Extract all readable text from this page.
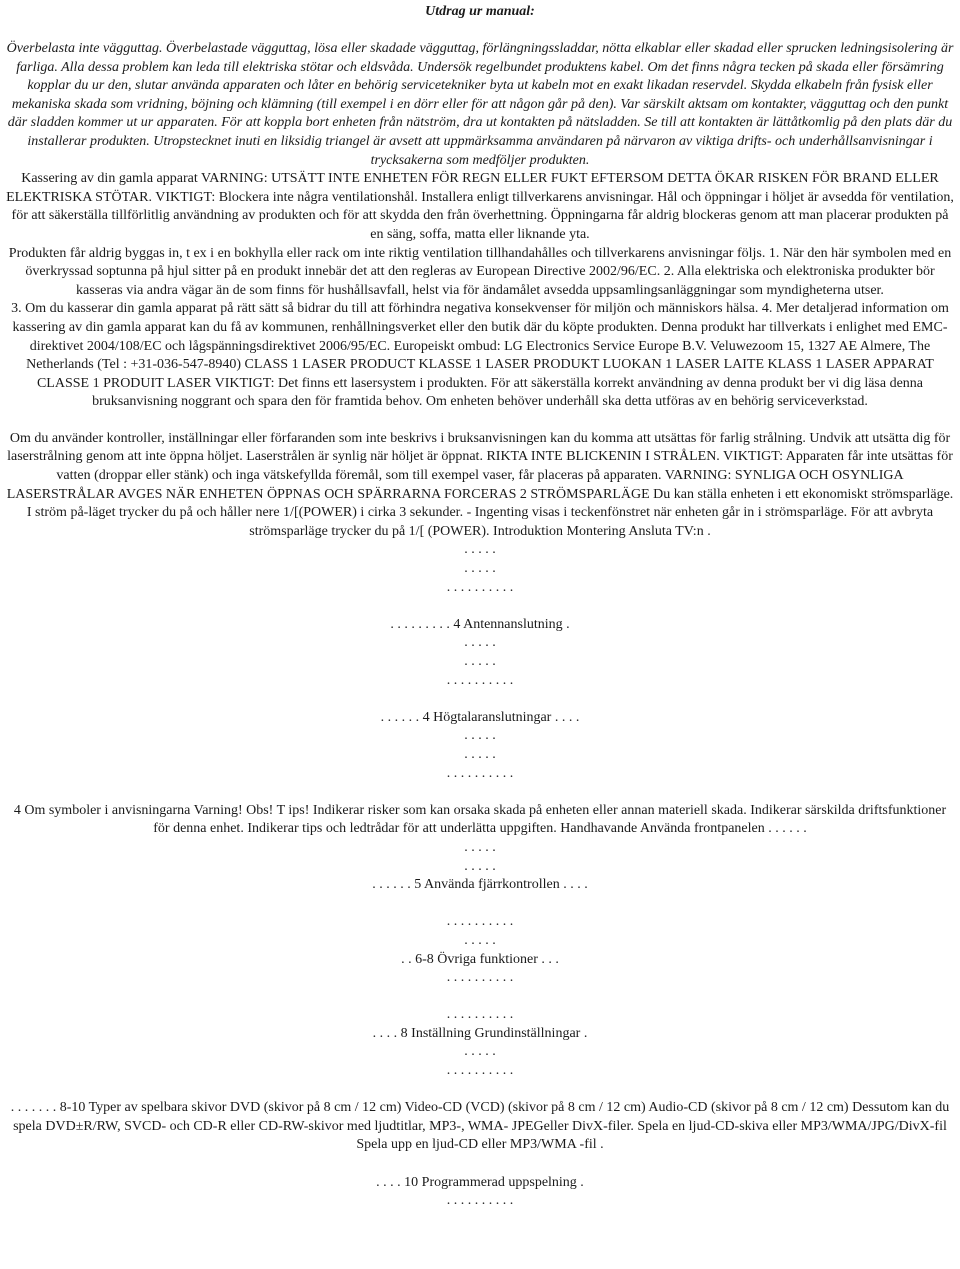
Utdrag ur manual:

Överbelasta inte vägguttag. Överbelastade vägguttag, lösa eller skadade vägguttag, förlängningssladdar, nötta elkablar eller skadad eller sprucken ledningsisolering är farliga. Alla dessa problem kan leda till elektriska stötar och eldsvåda. Undersök regelbundet produktens kabel. Om det finns några tecken på skada eller försämring kopplar du ur den, slutar använda apparaten och låter en behörig servicetekniker byta ut kabeln mot en exakt likadan reservdel. Skydda elkabeln från fysisk eller mekaniska skada som vridning, böjning och klämning (till exempel i en dörr eller för att någon går på den). Var särskilt aktsam om kontakter, vägguttag och den punkt där sladden kommer ut ur apparaten. För att koppla bort enheten från nätström, dra ut kontakten på nätsladden. Se till att kontakten är lättåtkomlig på den plats där du installerar produkten. Utropstecknet inuti en liksidig triangel är avsett att uppmärksamma användaren på närvaron av viktiga drifts- och underhållsanvisningar i trycksakerna som medföljer produkten.

Kassering av din gamla apparat VARNING: UTSÄTT INTE ENHETEN FÖR REGN ELLER FUKT EFTERSOM DETTA ÖKAR RISKEN FÖR BRAND ELLER ELEKTRISKA STÖTAR. VIKTIGT: Blockera inte några ventilationshål. Installera enligt tillverkarens anvisningar. Hål och öppningar i höljet är avsedda för ventilation, för att säkerställa tillförlitlig användning av produkten och för att skydda den från överhettning. Öppningarna får aldrig blockeras genom att man placerar produkten på en säng, soffa, matta eller liknande yta.

Produkten får aldrig byggas in, t ex i en bokhylla eller rack om inte riktig ventilation tillhandahålles och tillverkarens anvisningar följs. 1. När den här symbolen med en överkryssad soptunna på hjul sitter på en produkt innebär det att den regleras av European Directive 2002/96/EC. 2. Alla elektriska och elektroniska produkter bör kasseras via andra vägar än de som finns för hushållsavfall, helst via för ändamålet avsedda uppsamlingsanläggningar som myndigheterna utser.

3. Om du kasserar din gamla apparat på rätt sätt så bidrar du till att förhindra negativa konsekvenser för miljön och människors hälsa. 4. Mer detaljerad information om kassering av din gamla apparat kan du få av kommunen, renhållningsverket eller den butik där du köpte produkten. Denna produkt har tillverkats i enlighet med EMC-direktivet 2004/108/EC och lågspänningsdirektivet 2006/95/EC. Europeiskt ombud: LG Electronics Service Europe B.V. Veluwezoom 15, 1327 AE Almere, The Netherlands (Tel : +31-036-547-8940) CLASS 1 LASER PRODUCT KLASSE 1 LASER PRODUKT LUOKAN 1 LASER LAITE KLASS 1 LASER APPARAT CLASSE 1 PRODUIT LASER VIKTIGT: Det finns ett lasersystem i produkten. För att säkerställa korrekt användning av denna produkt ber vi dig läsa denna bruksanvisning noggrant och spara den för framtida behov. Om enheten behöver underhåll ska detta utföras av en behörig serviceverkstad.

Om du använder kontroller, inställningar eller förfaranden som inte beskrivs i bruksanvisningen kan du komma att utsättas för farlig strålning. Undvik att utsätta dig för laserstrålning genom att inte öppna höljet. Laserstrålen är synlig när höljet är öppnat. RIKTA INTE BLICKENIN I STRÅLEN. VIKTIGT: Apparaten får inte utsättas för vatten (droppar eller stänk) och inga vätskefyllda föremål, som till exempel vaser, får placeras på apparaten. VARNING: SYNLIGA OCH OSYNLIGA LASERSTRÅLAR AVGES NÄR ENHETEN ÖPPNAS OCH SPÄRRARNA FORCERAS 2 STRÖMSPARLÄGE Du kan ställa enheten i ett ekonomiskt strömsparläge. I ström på-läget trycker du på och håller nere 1/[(POWER) i cirka 3 sekunder. - Ingenting visas i teckenfönstret när enheten går in i strömsparläge. För att avbryta strömsparläge trycker du på 1/[ (POWER). Introduktion Montering Ansluta TV:n .

. . . . .
. . . . .
. . . . . . . . . .
. . . . . . . . . 4 Antennanslutning .
. . . . .
. . . . .
. . . . . . . . . .
. . . . . . 4 Högtalaranslutningar . . . .
. . . . .
. . . . .
. . . . . . . . . .

4 Om symboler i anvisningarna Varning! Obs! T ips! Indikerar risker som kan orsaka skada på enheten eller annan materiell skada. Indikerar särskilda driftsfunktioner för denna enhet. Indikerar tips och ledtrådar för att underlätta uppgiften. Handhavande Använda frontpanelen . . . . . .

. . . . .
. . . . .
. . . . . . 5 Använda fjärrkontrollen . . . .
. . . . . . . . . .
. . . . .
. . 6-8 Övriga funktioner . . .
. . . . . . . . . .
. . . . . . . . . .
. . . . 8 Inställning Grundinställningar .
. . . . .
. . . . . . . . . .

. . . . . . . 8-10 Typer av spelbara skivor DVD (skivor på 8 cm / 12 cm) Video-CD (VCD) (skivor på 8 cm / 12 cm) Audio-CD (skivor på 8 cm / 12 cm) Dessutom kan du spela DVD±R/RW, SVCD- och CD-R eller CD-RW-skivor med ljudtitlar, MP3-, WMA- JPEGeller DivX-filer. Spela en ljud-CD-skiva eller MP3/WMA/JPG/DivX-fil Spela upp en ljud-CD eller MP3/WMA -fil .

. . . . 10 Programmerad uppspelning .
. . . . . . . . . .
